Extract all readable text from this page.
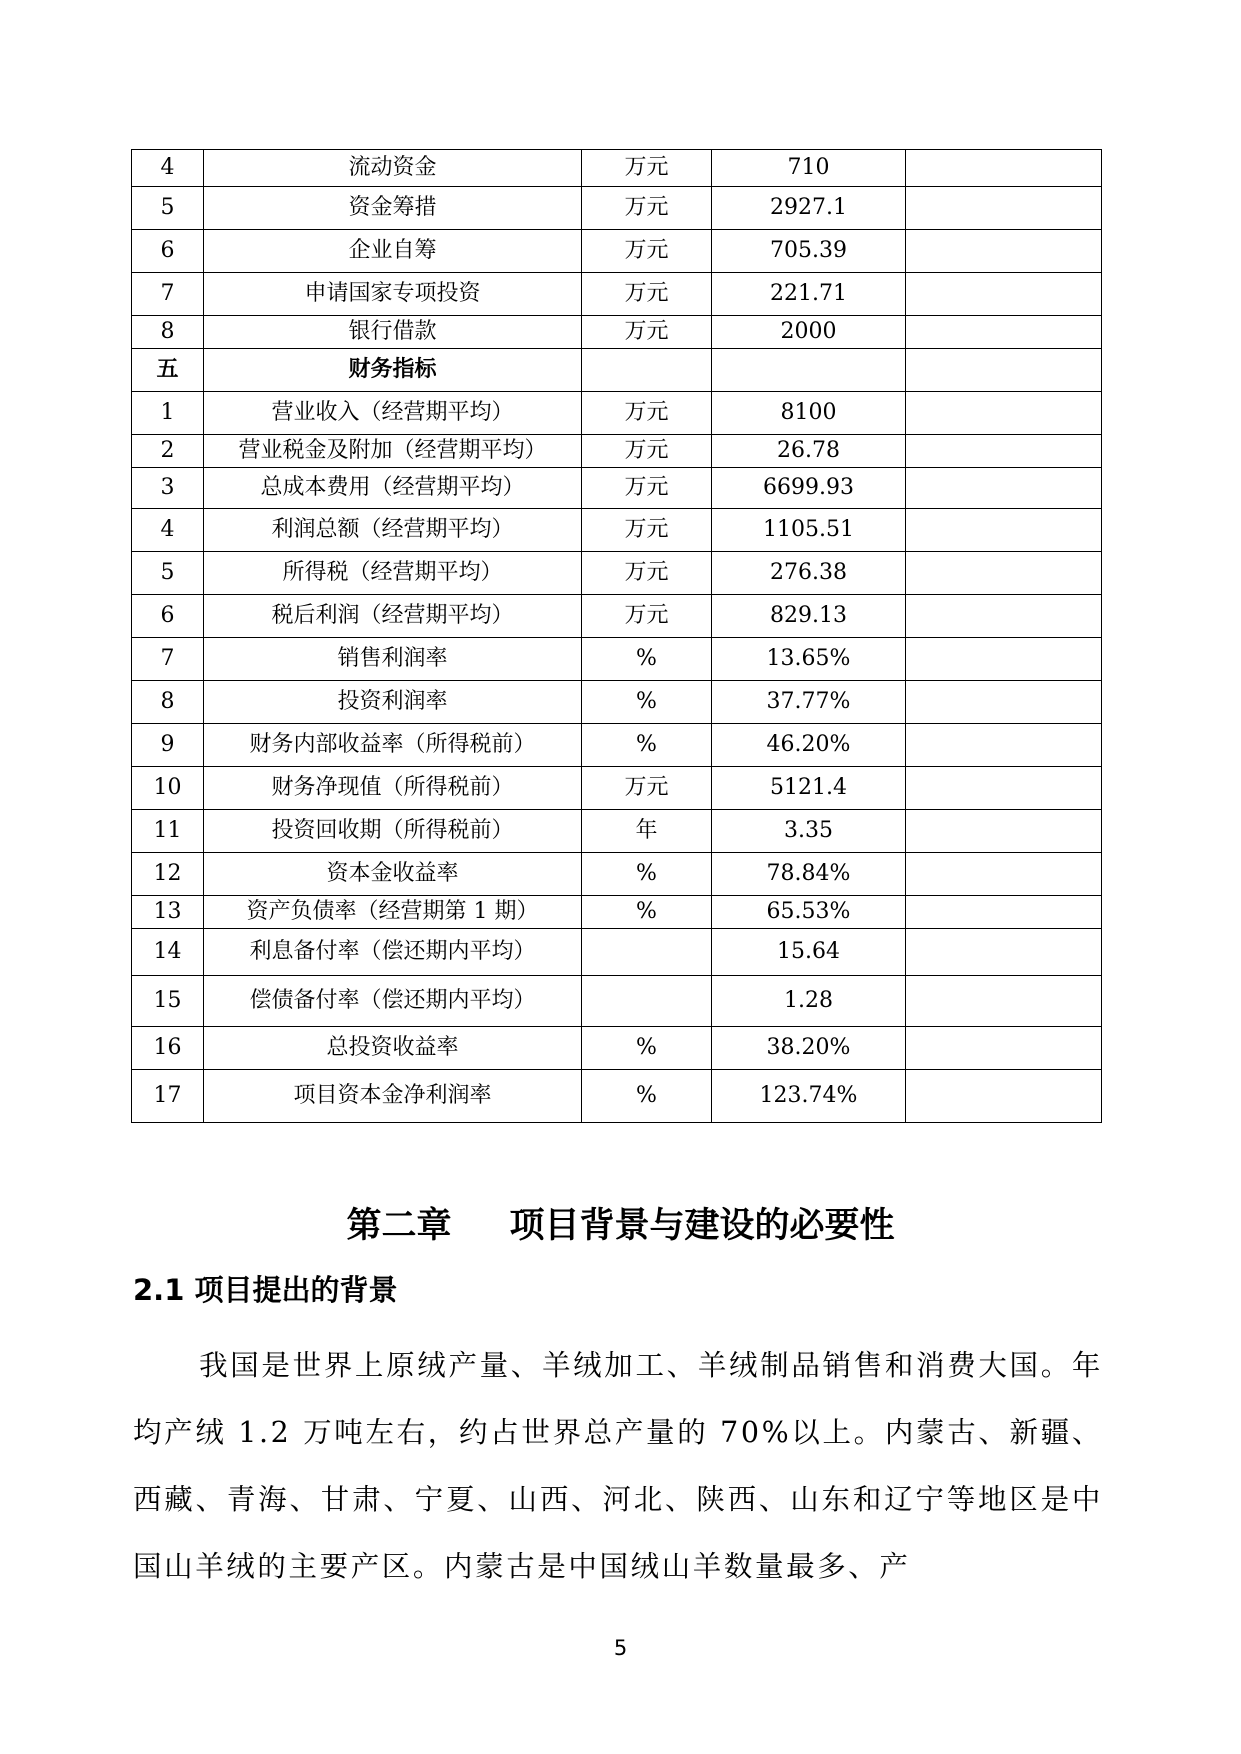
4	流动资金	万元	710	
5	资金筹措	万元	2927.1	
6	企业自筹	万元	705.39	
7	申请国家专项投资	万元	221.71	
8	银行借款	万元	2000	
五	财务指标			
1	营业收入（经营期平均）	万元	8100	
2	营业税金及附加（经营期平均）	万元	26.78	
3	总成本费用（经营期平均）	万元	6699.93	
4	利润总额（经营期平均）	万元	1105.51	
5	所得税（经营期平均）	万元	276.38	
6	税后利润（经营期平均）	万元	829.13	
7	销售利润率	%	13.65%	
8	投资利润率	%	37.77%	
9	财务内部收益率（所得税前）	%	46.20%	
10	财务净现值（所得税前）	万元	5121.4	
11	投资回收期（所得税前）	年	3.35	
12	资本金收益率	%	78.84%	
13	资产负债率（经营期第 1 期）	%	65.53%	
14	利息备付率（偿还期内平均）		15.64	
15	偿债备付率（偿还期内平均）		1.28	
16	总投资收益率	%	38.20%	
17	项目资本金净利润率	%	123.74%	
第二章 项目背景与建设的必要性
2.1 项目提出的背景
我国是世界上原绒产量、羊绒加工、羊绒制品销售和消费大国。年均产绒 1.2 万吨左右，约占世界总产量的 70%以上。内蒙古、新疆、西藏、青海、甘肃、宁夏、山西、河北、陕西、山东和辽宁等地区是中国山羊绒的主要产区。内蒙古是中国绒山羊数量最多、产
5
